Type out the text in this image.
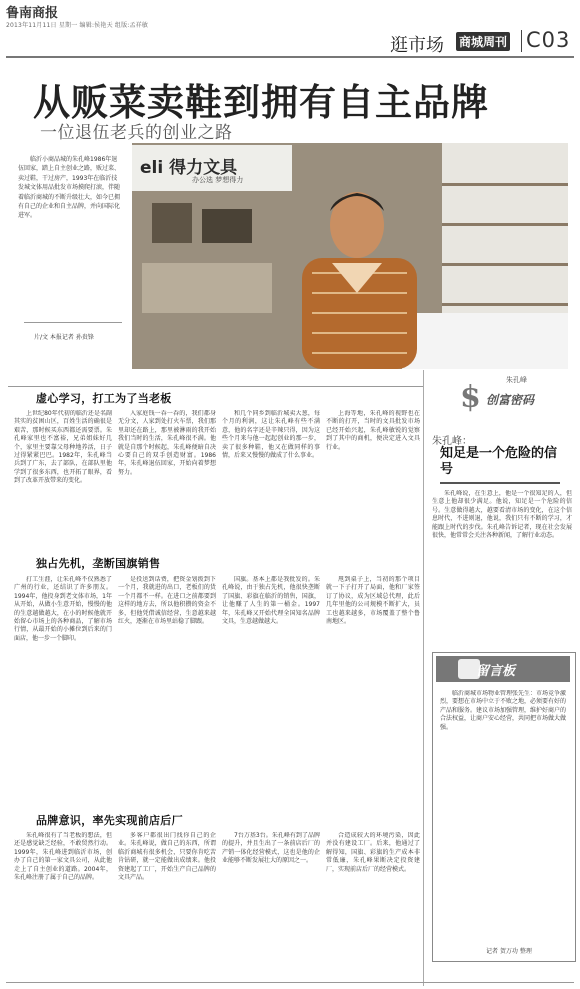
鲁南商报
2013年11月11日 星期一 编辑:侯艳天 组版:孟祥敏
逛市场 商城周刊 C03
从贩菜卖鞋到拥有自主品牌
一位退伍老兵的创业之路
临沂小商品城的朱孔峰1986年退伍回家，踏上自主创业之路，贩过菜、卖过鞋，干过房产，1993年在临沂技发城文体用品批发市场摸爬打滚，伴随着临沂商城的不断升级壮大，如今已拥有自己的企业和自主品牌，并向国际化进军。
片/文 本报记者 孙贵锋
eli 得力文具
办公选 梦想得力
朱孔峰
虚心学习，打工为了当老板
上世纪80年代初的临沂还是名副其实的贫困山区，百姓生活的确很是艰苦，那时候买东西都还需要票。朱孔峰家里也不富裕，兄弟姐妹好几个，家里主要靠父母种地养活，日子过得紧紧巴巴。1982年，朱孔峰当兵到了广东，去了部队，在部队里他学到了很多东西，也开拓了眼界，看到了改革开放带来的变化。
入家庭钱一吞一吞的，我们都身无分文，人家到处打火车票，我们那里却还在路上，那里被淋雨的我开始我们当时的生活，朱孔峰很不满。他就是自那个时候起，朱孔峰便暗自决心要自己的双手创造财富。1986年，朱孔峰退伍回家，开始向着梦想努力。
和几个同乡到临沂城卖大葱，每个月的利润，这让朱孔峰有些不满意，他的名字还是辛辣只得，因为这些个月来与他一起起创业的那一步，卖了很多种鞋，他又在做同样的事情，后来又慢慢的做成了什么事业。
上海等地，朱孔峰的视野也在不断的打开，当时的文具批发市场已经开始兴起，朱孔峰敏锐的觉察到了其中的商机，便决定进入文具行业。
独占先机，垄断国旗销售
打工生涯，让朱孔峰不仅熟悉了广州的行业，还结识了许多朋友。1994年，他投身到老文体市场，1年从开始，从做小生意开始，慢慢的他的生意越做越大，在小的时候他就开始留心市场上的各种商品，了解市场行情，从最开始的小摊位到后来的门面店，他一步一个脚印。
是投送到话费，把资金划拨到下一个月，我就进的出口，老板们的货一个月都不一样。在进口之前都要到这样的地方去，所以他积攒的资金不多，但他凭借诚信经营，生意越来越红火，逐渐在市场里站稳了脚跟。
国旗。基本上都是我批发的。朱孔峰说，由于独占先机，他很快垄断了国旗、彩旗在临沂的销售，国旗，让他赚了人生的第一桶金。1997年，朱孔峰又开始代理全国知名品牌文具，生意越做越大。
甩到桌子上，当初的那个项目就一下子打开了局面，他和厂家签订了协议，成为区域总代理，此后几年里他的公司规模不断扩大，员工也越来越多，市场覆盖了整个鲁南地区。
品牌意识，率先实现前店后厂
朱孔峰很有了当老板的想法，但还是感觉缺乏经验，不敢贸然行动。1999年，朱孔峰进到临沂市场，创办了自己的第一家文具公司，从此他走上了自主创业的道路。2004年，朱孔峰注册了属于自己的品牌。
多客户都很出门找你自己的企业。朱孔峰说，做自己的东西，所谓临沂商城有很多机会，只要你肯吃苦肯钻研，就一定能做出成绩来。他投资建起了工厂，开始生产自己品牌的文具产品。
7台万基3台。朱孔峰有到了品牌的提升，并且生出了一条前店后厂的产销一体化经营模式，这也是他的企业能够不断发展壮大的原因之一。
合造成较大的环境污染，因此并没有建设工厂。后来，他通过了解得知，国旗、彩旗的生产成本非常低廉，朱孔峰果断决定投资建厂，实现前店后厂的经营模式。
$ 创富密码
朱孔峰：
知足是一个危险的信号
朱孔峰说，在生意上，他是一个很知足的人，但生意上他却很少满足。他说，知足是一个危险的信号。生意做得越大，越要看清市场的变化，在这个信息时代，不进则退，他说，我们只有不断的学习，才能跟上时代的步伐。朱孔峰告诉记者，现在社会发展很快，他常常会关注各种新闻，了解行业动态。
留言板
临沂商城市场物业管理张先生：市场竞争激烈，要想在市场中立于不败之地，必须要有好的产品和服务。建议市场加强管理，维护好商户的合法权益，让商户安心经营，共同把市场做大做强。
记者 贺万功 整理
